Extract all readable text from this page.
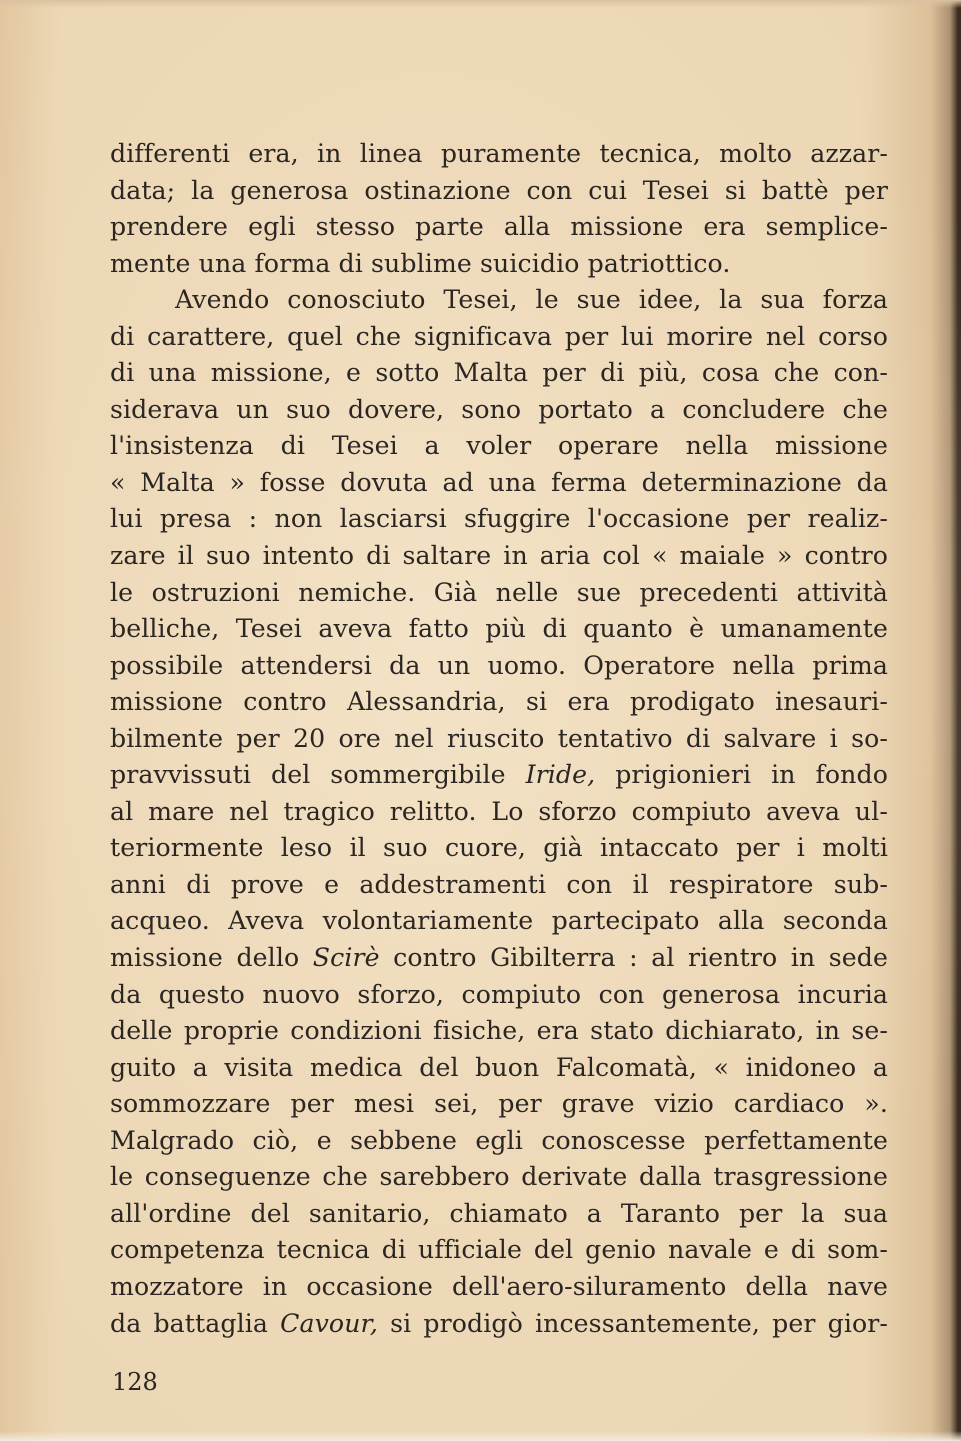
differenti era, in linea puramente tecnica, molto azzar-
data; la generosa ostinazione con cui Tesei si battè per
prendere egli stesso parte alla missione era semplice-
mente una forma di sublime suicidio patriottico.
Avendo conosciuto Tesei, le sue idee, la sua forza
di carattere, quel che significava per lui morire nel corso
di una missione, e sotto Malta per di più, cosa che con-
siderava un suo dovere, sono portato a concludere che
l'insistenza di Tesei a voler operare nella missione
« Malta » fosse dovuta ad una ferma determinazione da
lui presa : non lasciarsi sfuggire l'occasione per realiz-
zare il suo intento di saltare in aria col « maiale » contro
le ostruzioni nemiche. Già nelle sue precedenti attività
belliche, Tesei aveva fatto più di quanto è umanamente
possibile attendersi da un uomo. Operatore nella prima
missione contro Alessandria, si era prodigato inesauri-
bilmente per 20 ore nel riuscito tentativo di salvare i so-
pravvissuti del sommergibile Iride, prigionieri in fondo
al mare nel tragico relitto. Lo sforzo compiuto aveva ul-
teriormente leso il suo cuore, già intaccato per i molti
anni di prove e addestramenti con il respiratore sub-
acqueo. Aveva volontariamente partecipato alla seconda
missione dello Scirè contro Gibilterra : al rientro in sede
da questo nuovo sforzo, compiuto con generosa incuria
delle proprie condizioni fisiche, era stato dichiarato, in se-
guito a visita medica del buon Falcomatà, « inidoneo a
sommozzare per mesi sei, per grave vizio cardiaco ».
Malgrado ciò, e sebbene egli conoscesse perfettamente
le conseguenze che sarebbero derivate dalla trasgressione
all'ordine del sanitario, chiamato a Taranto per la sua
competenza tecnica di ufficiale del genio navale e di som-
mozzatore in occasione dell'aero-siluramento della nave
da battaglia Cavour, si prodigò incessantemente, per gior-
128
